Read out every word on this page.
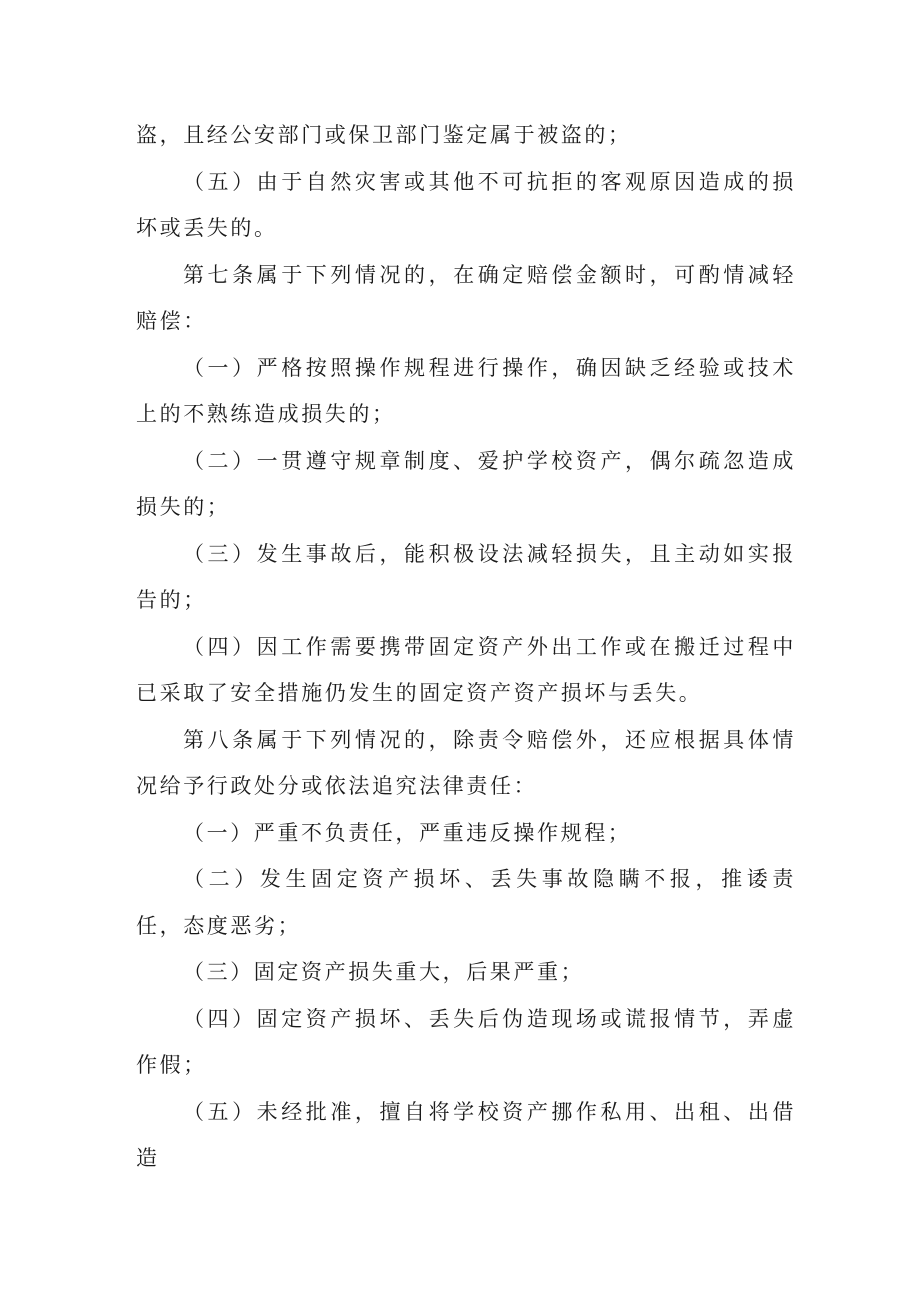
盗，且经公安部门或保卫部门鉴定属于被盗的；

（五）由于自然灾害或其他不可抗拒的客观原因造成的损坏或丢失的。

第七条属于下列情况的，在确定赔偿金额时，可酌情减轻赔偿：

（一）严格按照操作规程进行操作，确因缺乏经验或技术上的不熟练造成损失的；

（二）一贯遵守规章制度、爱护学校资产，偶尔疏忽造成损失的；

（三）发生事故后，能积极设法减轻损失，且主动如实报告的；

（四）因工作需要携带固定资产外出工作或在搬迁过程中已采取了安全措施仍发生的固定资产资产损坏与丢失。

第八条属于下列情况的，除责令赔偿外，还应根据具体情况给予行政处分或依法追究法律责任：

（一）严重不负责任，严重违反操作规程；

（二）发生固定资产损坏、丢失事故隐瞒不报，推诿责任，态度恶劣；

（三）固定资产损失重大，后果严重；

（四）固定资产损坏、丢失后伪造现场或谎报情节，弄虚作假；

（五）未经批准，擅自将学校资产挪作私用、出租、出借造
